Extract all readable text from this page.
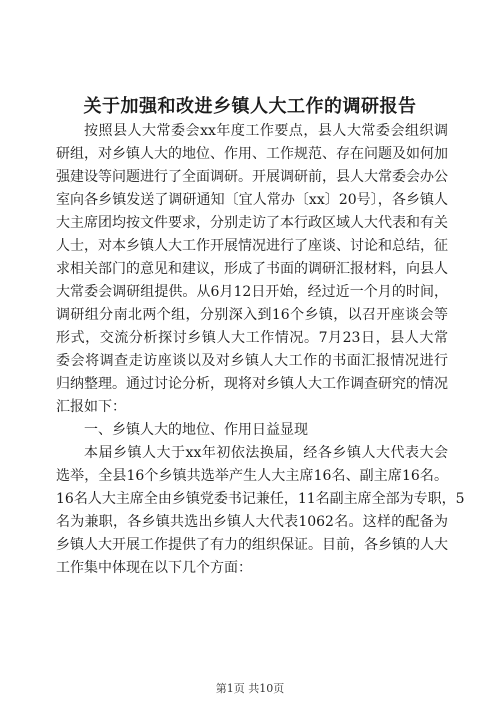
关于加强和改进乡镇人大工作的调研报告
按照县人大常委会xx年度工作要点，县人大常委会组织调
研组，对乡镇人大的地位、作用、工作规范、存在问题及如何加
强建设等问题进行了全面调研。开展调研前，县人大常委会办公
室向各乡镇发送了调研通知〔宜人常办〔xx〕20号〕，各乡镇人
大主席团均按文件要求，分别走访了本行政区域人大代表和有关
人士，对本乡镇人大工作开展情况进行了座谈、讨论和总结，征
求相关部门的意见和建议，形成了书面的调研汇报材料，向县人
大常委会调研组提供。从6月12日开始，经过近一个月的时间，
调研组分南北两个组，分别深入到16个乡镇，以召开座谈会等
形式，交流分析探讨乡镇人大工作情况。7月23日，县人大常
委会将调查走访座谈以及对乡镇人大工作的书面汇报情况进行
归纳整理。通过讨论分析，现将对乡镇人大工作调查研究的情况
汇报如下：
一、乡镇人大的地位、作用日益显现
本届乡镇人大于xx年初依法换届，经各乡镇人大代表大会
选举，全县16个乡镇共选举产生人大主席16名、副主席16名。
16名人大主席全由乡镇党委书记兼任，11名副主席全部为专职，5
名为兼职，各乡镇共选出乡镇人大代表1062名。这样的配备为
乡镇人大开展工作提供了有力的组织保证。目前，各乡镇的人大
工作集中体现在以下几个方面：
第1页 共10页
